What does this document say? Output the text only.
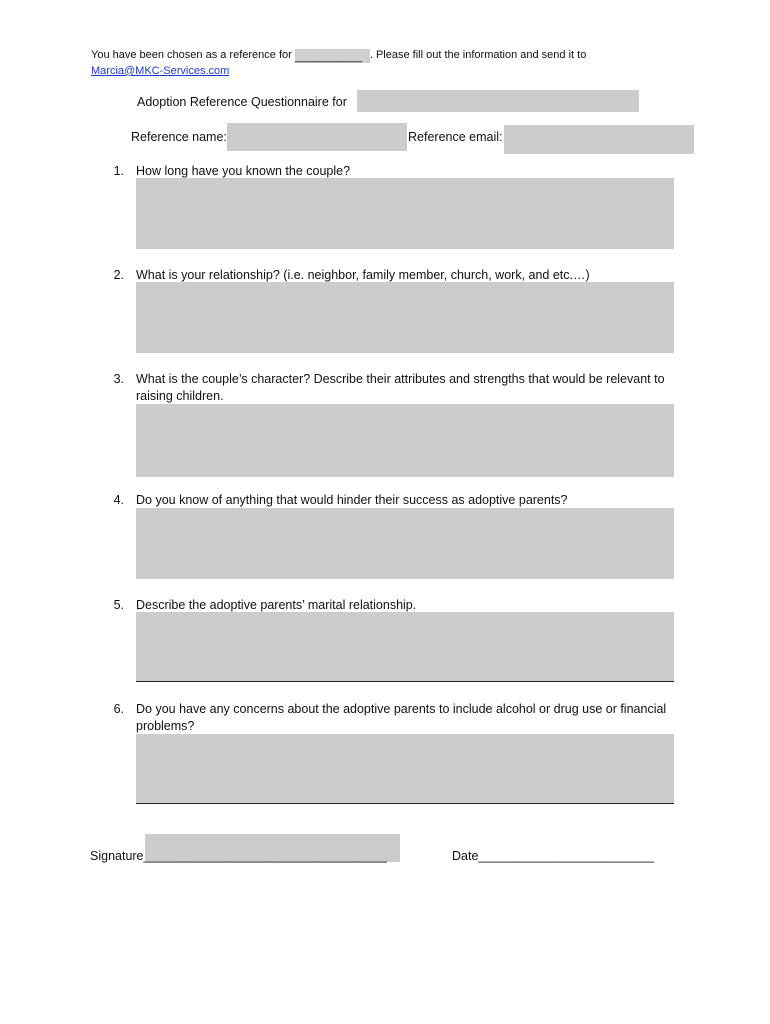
You have been chosen as a reference for ___________ . Please fill out the information and send it to
Marcia@MKC-Services.com
Adoption Reference Questionnaire for
Reference name:	Reference email:
1. How long have you known the couple?
2. What is your relationship? (i.e. neighbor, family member, church, work, and etc.…)
3. What is the couple’s character? Describe their attributes and strengths that would be relevant to raising children.
4. Do you know of anything that would hinder their success as adoptive parents?
5. Describe the adoptive parents’ marital relationship.
6. Do you have any concerns about the adoptive parents to include alcohol or drug use or financial problems?
Signature____________________________________	Date__________________________
